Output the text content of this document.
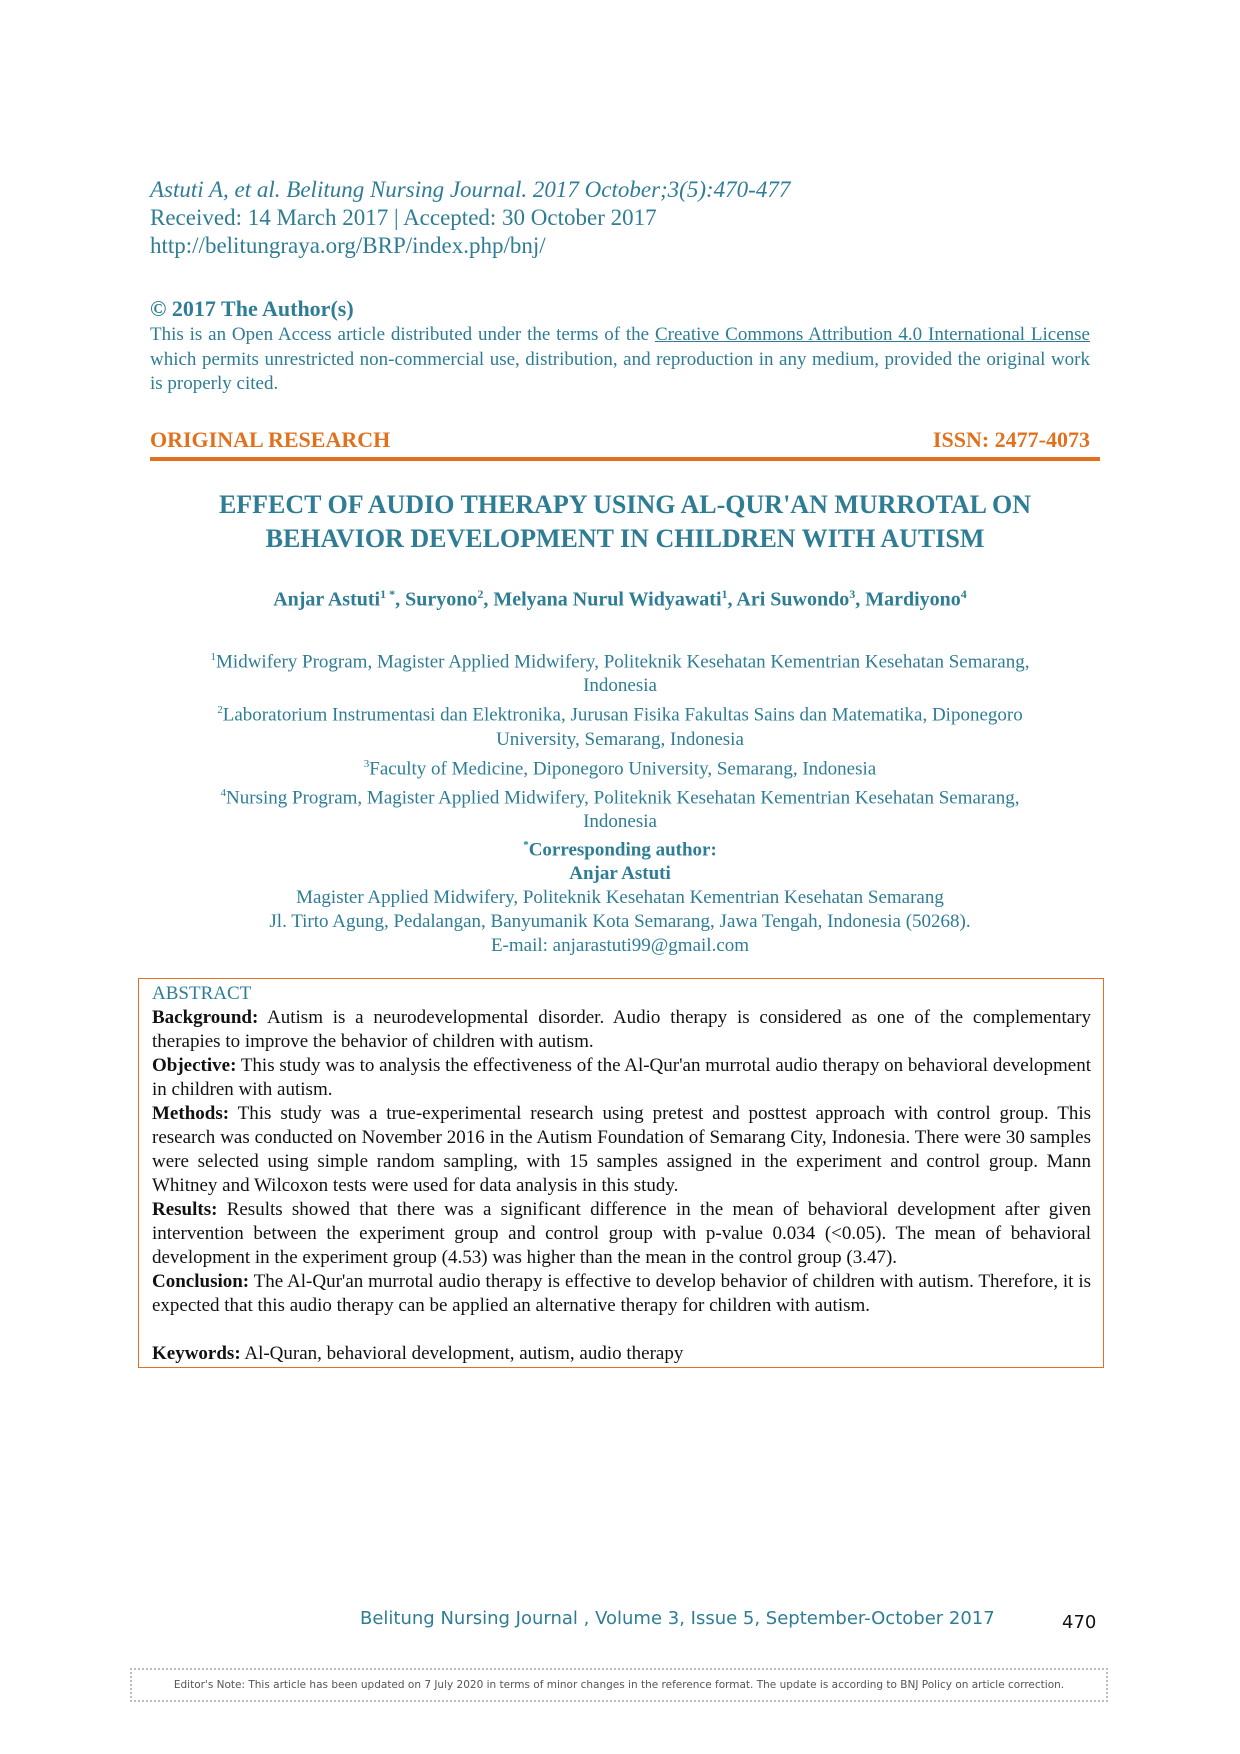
Astuti A, et al. Belitung Nursing Journal. 2017 October;3(5):470-477
Received: 14 March 2017 | Accepted: 30 October 2017
http://belitungraya.org/BRP/index.php/bnj/
© 2017 The Author(s)
This is an Open Access article distributed under the terms of the Creative Commons Attribution 4.0 International License which permits unrestricted non-commercial use, distribution, and reproduction in any medium, provided the original work is properly cited.
ORIGINAL RESEARCH	ISSN: 2477-4073
EFFECT OF AUDIO THERAPY USING AL-QUR'AN MURROTAL ON
BEHAVIOR DEVELOPMENT IN CHILDREN WITH AUTISM
Anjar Astuti$^{1 *}$, Suryono$^2$, Melyana Nurul Widyawati$^1$, Ari Suwondo$^3$, Mardiyono$^4$
$^1$Midwifery Program, Magister Applied Midwifery, Politeknik Kesehatan Kementrian Kesehatan Semarang,
Indonesia
$^2$Laboratorium Instrumentasi dan Elektronika, Jurusan Fisika Fakultas Sains dan Matematika, Diponegoro
University, Semarang, Indonesia
$^3$Faculty of Medicine, Diponegoro University, Semarang, Indonesia
$^4$Nursing Program, Magister Applied Midwifery, Politeknik Kesehatan Kementrian Kesehatan Semarang,
Indonesia
*Corresponding author:
Anjar Astuti
Magister Applied Midwifery, Politeknik Kesehatan Kementrian Kesehatan Semarang
Jl. Tirto Agung, Pedalangan, Banyumanik Kota Semarang, Jawa Tengah, Indonesia (50268).
E-mail: anjarastuti99@gmail.com
ABSTRACT

Background: Autism is a neurodevelopmental disorder. Audio therapy is considered as one of the complementary therapies to improve the behavior of children with autism.

Objective: This study was to analysis the effectiveness of the Al-Qur'an murrotal audio therapy on behavioral development in children with autism.

Methods: This study was a true-experimental research using pretest and posttest approach with control group. This research was conducted on November 2016 in the Autism Foundation of Semarang City, Indonesia. There were 30 samples were selected using simple random sampling, with 15 samples assigned in the experiment and control group. Mann Whitney and Wilcoxon tests were used for data analysis in this study.

Results: Results showed that there was a significant difference in the mean of behavioral development after given intervention between the experiment group and control group with p-value 0.034 (<0.05). The mean of behavioral development in the experiment group (4.53) was higher than the mean in the control group (3.47).

Conclusion: The Al-Qur'an murrotal audio therapy is effective to develop behavior of children with autism. Therefore, it is expected that this audio therapy can be applied an alternative therapy for children with autism.

Keywords: Al-Quran, behavioral development, autism, audio therapy

Belitung Nursing Journal , Volume 3, Issue 5, September-October 2017	470
Editor's Note: This article has been updated on 7 July 2020 in terms of minor changes in the reference format. The update is according to BNJ Policy on article correction.
